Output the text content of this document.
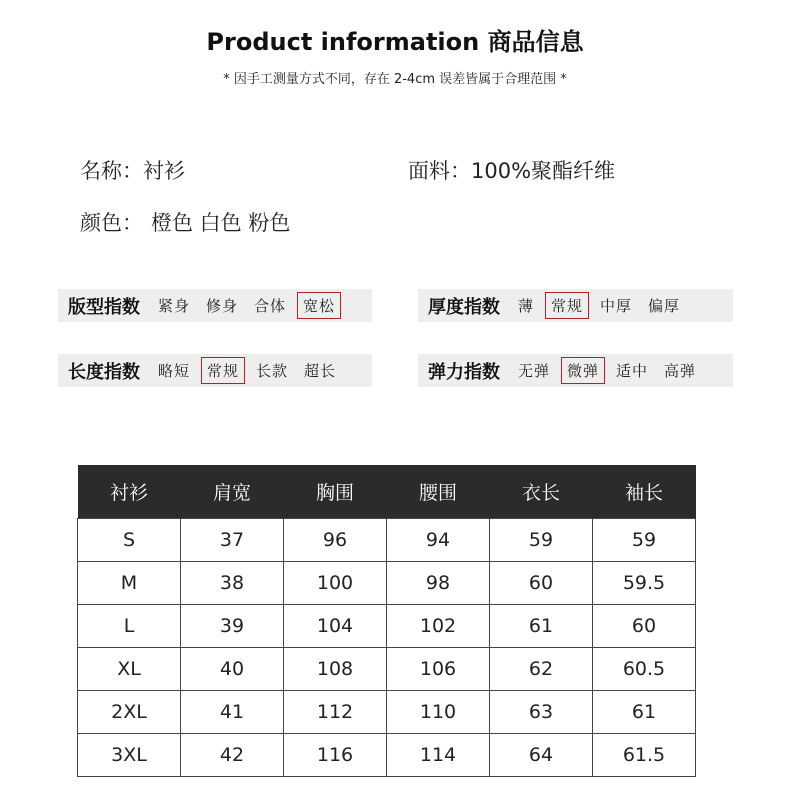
Product information 商品信息
* 因手工测量方式不同，存在 2-4cm 误差皆属于合理范围 *
名称：衬衫	面料：100%聚酯纤维
颜色： 橙色 白色 粉色
版型指数	紧身	修身	合体	宽松	厚度指数	薄	常规	中厚	偏厚
长度指数	略短	常规	长款	超长	弹力指数	无弹	微弹	适中	高弹
衬衫	肩宽	胸围	腰围	衣长	袖长
S	37	96	94	59	59
M	38	100	98	60	59.5
L	39	104	102	61	60
XL	40	108	106	62	60.5
2XL	41	112	110	63	61
3XL	42	116	114	64	61.5
